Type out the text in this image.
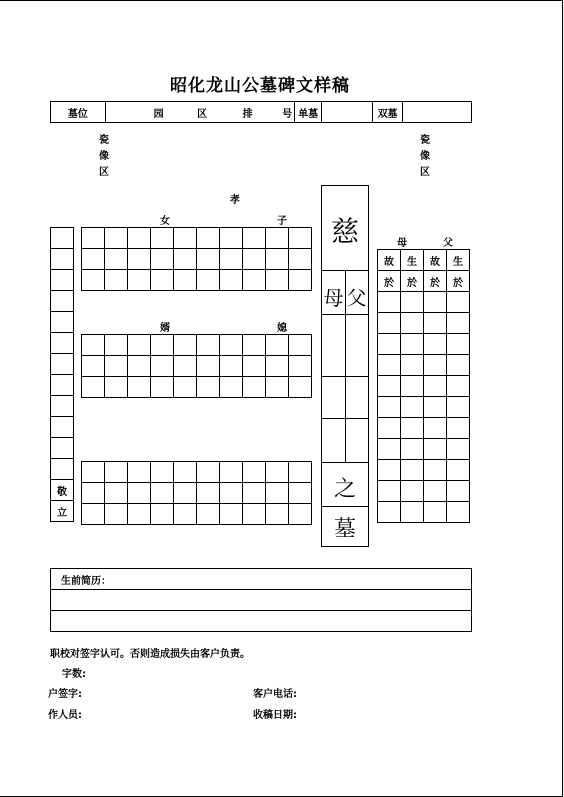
昭化龙山公墓碑文样稿
墓位	园	区	排	号	单墓		双墓	
瓷
像
区
瓷
像
区
孝
女	子

敬
立

婿	媳

慈
母 父
之
墓
母	父
故	生	故	生
於	於	於	於

生前简历：

职校对签字认可。否则造成损失由客户负责。
字数:
户签字:	客户电话:
作人员:	收稿日期:
